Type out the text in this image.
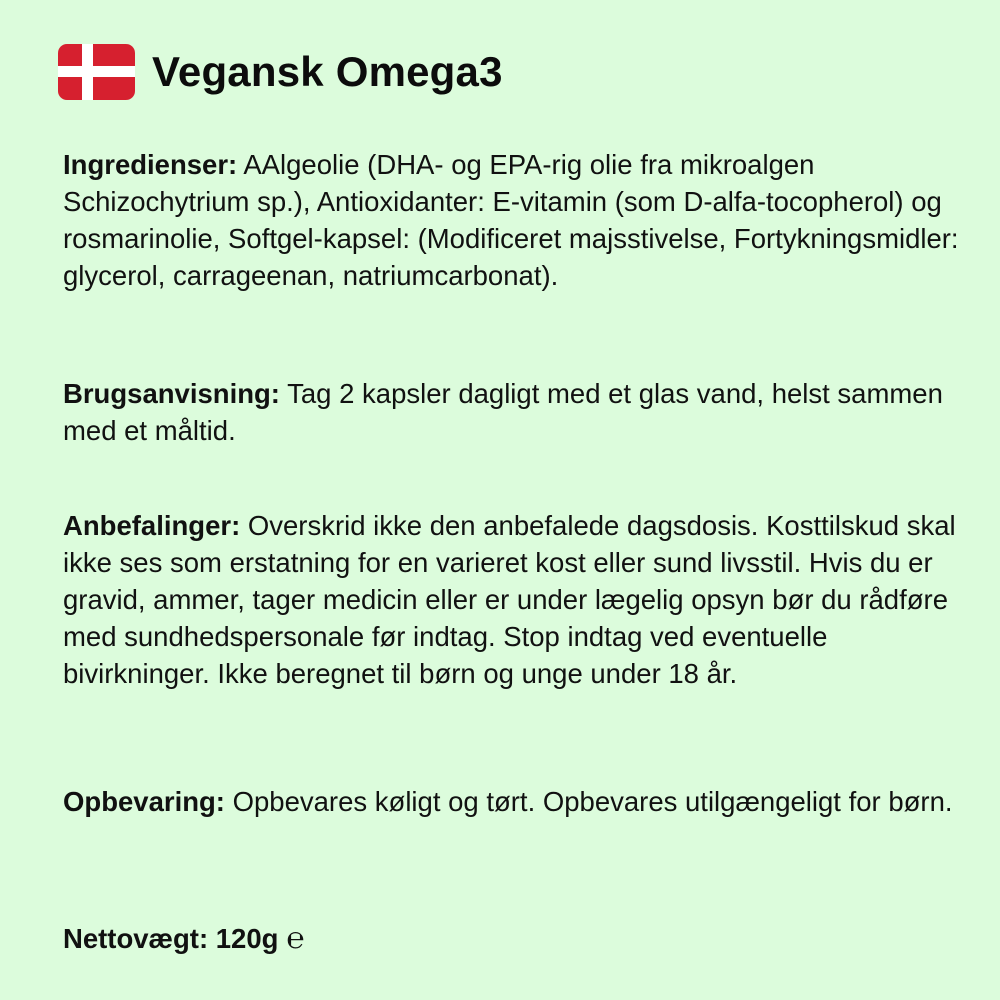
Vegansk Omega3

Ingredienser: AAlgeolie (DHA- og EPA-rig olie fra mikroalgen Schizochytrium sp.), Antioxidanter: E-vitamin (som D-alfa-tocopherol) og rosmarinolie, Softgel-kapsel: (Modificeret majsstivelse, Fortykningsmidler: glycerol, carrageenan, natriumcarbonat).

Brugsanvisning: Tag 2 kapsler dagligt med et glas vand, helst sammen med et måltid.

Anbefalinger: Overskrid ikke den anbefalede dagsdosis. Kosttilskud skal ikke ses som erstatning for en varieret kost eller sund livsstil. Hvis du er gravid, ammer, tager medicin eller er under lægelig opsyn bør du rådføre med sundhedspersonale før indtag. Stop indtag ved eventuelle bivirkninger. Ikke beregnet til børn og unge under 18 år.

Opbevaring: Opbevares køligt og tørt. Opbevares utilgængeligt for børn.

Nettovægt: 120g ℮
